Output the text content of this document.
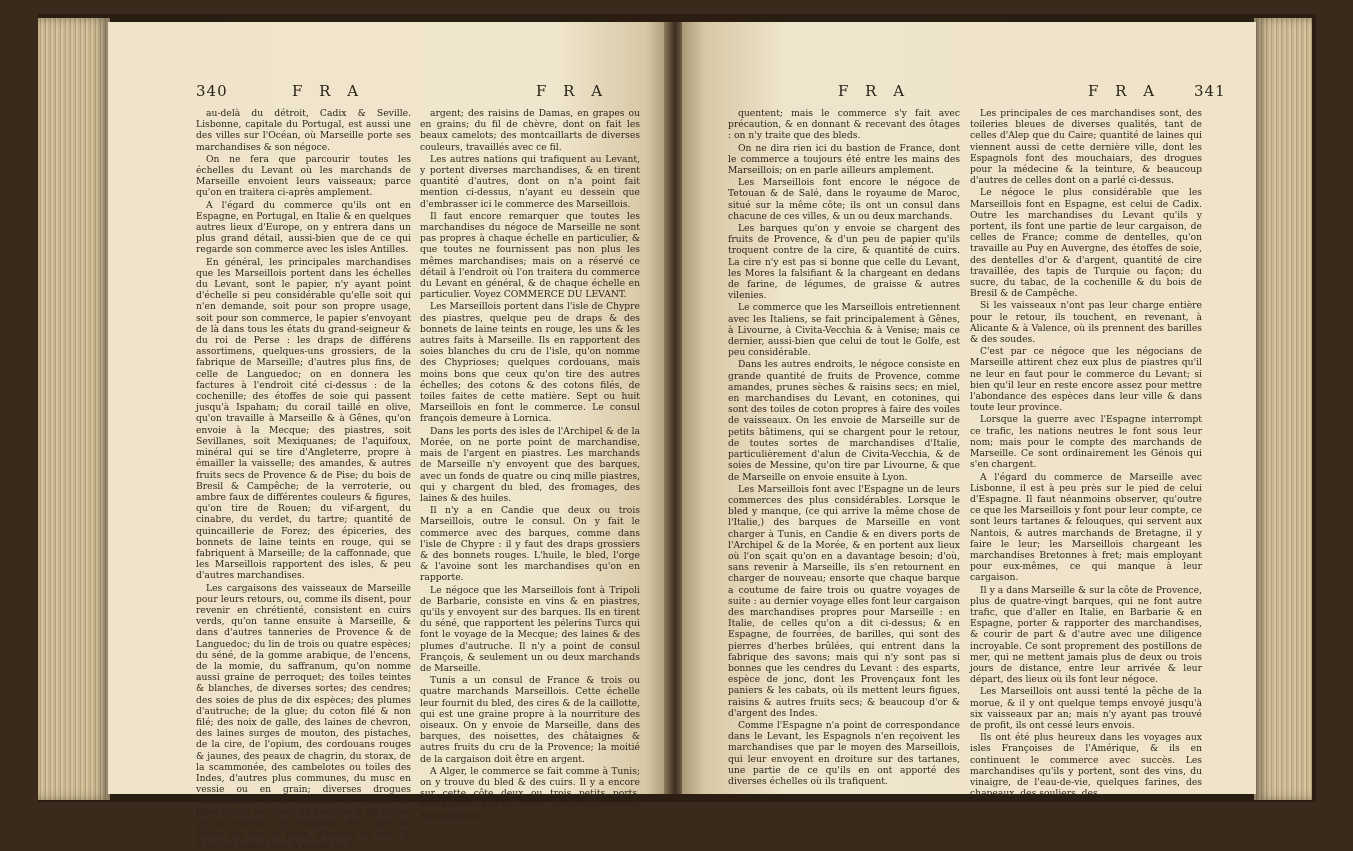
340	F R A	F R A

au-delà du détroit, Cadix & Seville. Lisbonne, capitale du Portugal, est aussi une des villes sur l'Océan, où Marseille porte ses marchandises & son négoce.

On ne fera que parcourir toutes les échelles du Levant où les marchands de Marseille envoient leurs vaisseaux; parce qu'on en traitera ci-après amplement.

A l'égard du commerce qu'ils ont en Espagne, en Portugal, en Italie & en quelques autres lieux d'Europe, on y entrera dans un plus grand détail, aussi-bien que de ce qui regarde son commerce avec les isles Antilles.

En général, les principales marchandises que les Marseillois portent dans les échelles du Levant, sont le papier, n'y ayant point d'échelle si peu considérable qu'elle soit qui n'en demande, soit pour son propre usage, soit pour son commerce, le papier s'envoyant de là dans tous les états du grand-seigneur & du roi de Perse : les draps de différens assortimens, quelques-uns grossiers, de la fabrique de Marseille; d'autres plus fins, de celle de Languedoc; on en donnera les factures à l'endroit cité ci-dessus : de la cochenille; des étoffes de soie qui passent jusqu'à Ispaham; du corail taillé en olive, qu'on travaille à Marseille & à Gênes, qu'on envoie à la Mecque; des piastres, soit Sevillanes, soit Mexiquanes; de l'aquifoux, minéral qui se tire d'Angleterre, propre à émailler la vaisselle; des amandes, & autres fruits secs de Provence & de Pise; du bois de Bresil & Campêche; de la verroterie, ou ambre faux de différentes couleurs & figures, qu'on tire de Rouen; du vif-argent, du cinabre, du verdet, du tartre; quantité de quincaillerie de Forez; des épiceries, des bonnets de laine teints en rouge, qui se fabriquent à Marseille; de la caffonnade, que les Marseillois rapportent des isles, & peu d'autres marchandises.

Les cargaisons des vaisseaux de Marseille pour leurs retours, ou, comme ils disent, pour revenir en chrétienté, consistent en cuirs verds, qu'on tanne ensuite à Marseille, & dans d'autres tanneries de Provence & de Languedoc; du lin de trois ou quatre espèces; du séné, de la gomme arabique, de l'encens, de la momie, du saffranum, qu'on nomme aussi graine de perroquet; des toiles teintes & blanches, de diverses sortes; des cendres; des soies de plus de dix espèces; des plumes d'autruche; de la glue; du coton filé & non filé; des noix de galle, des laines de chevron, des laines surges de mouton, des pistaches, de la cire, de l'opium, des cordouans rouges & jaunes, des peaux de chagrin, du storax, de la scammonée, des cambelotes ou toiles des Indes, d'autres plus communes, du musc en vessie ou en grain; diverses drogues médécinales; de la semence de perles; du lapis lazuli, qui vient de Tartarie & de Perse; de la rubarbe, de l'esquine; des tapis de Perse; les uns de laine, d'autres de soie, & d'autres moitié soie & moitié or &

argent; des raisins de Damas, en grapes ou en grains; du fil de chèvre, dont on fait les beaux camelots; des montcaillarts de diverses couleurs, travaillés avec ce fil.

Les autres nations qui trafiquent au Levant, y portent diverses marchandises, & en tirent quantité d'autres, dont on n'a point fait mention ci-dessus, n'ayant eu dessein que d'embrasser ici le commerce des Marseillois.

Il faut encore remarquer que toutes les marchandises du négoce de Marseille ne sont pas propres à chaque échelle en particulier, & que toutes ne fournissent pas non plus les mêmes marchandises; mais on a réservé ce détail à l'endroit où l'on traitera du commerce du Levant en général, & de chaque échelle en particulier. Voyez COMMERCE DU LEVANT.

Les Marseillois portent dans l'isle de Chypre des piastres, quelque peu de draps & des bonnets de laine teints en rouge, les uns & les autres faits à Marseille. Ils en rapportent des soies blanches du cru de l'isle, qu'on nomme des Chyprioses; quelques cordouans, mais moins bons que ceux qu'on tire des autres échelles; des cotons & des cotons filés, de toiles faites de cette matière. Sept ou huit Marseillois en font le commerce. Le consul françois demeure à Lornica.

Dans les ports des isles de l'Archipel & de la Morée, on ne porte point de marchandise, mais de l'argent en piastres. Les marchands de Marseille n'y envoyent que des barques, avec un fonds de quatre ou cinq mille piastres, qui y chargent du bled, des fromages, des laines & des huiles.

Il n'y a en Candie que deux ou trois Marseillois, outre le consul. On y fait le commerce avec des barques, comme dans l'isle de Chypre : il y faut des draps grossiers & des bonnets rouges. L'huile, le bled, l'orge & l'avoine sont les marchandises qu'on en rapporte.

Le négoce que les Marseillois font à Tripoli de Barbarie, consiste en vins & en piastres, qu'ils y envoyent sur des barques. Ils en tirent du séné, que rapportent les pélerins Turcs qui font le voyage de la Mecque; des laines & des plumes d'autruche. Il n'y a point de consul François, & seulement un ou deux marchands de Marseille.

Tunis a un consul de France & trois ou quatre marchands Marseillois. Cette échelle leur fournit du bled, des cires & de la caillotte, qui est une graine propre à la nourriture des oiseaux. On y envoie de Marseille, dans des barques, des noisettes, des châtaignes & autres fruits du cru de la Provence; la moitié de la cargaison doit être en argent.

A Alger, le commerce se fait comme à Tunis; on y trouve du bled & des cuirs. Il y a encore sur cette côte deux ou trois petits ports, entr'autres Collo & Tourou, que les barques de Marseille fré-

F R A	F R A 341

quentent; mais le commerce s'y fait avec précaution, & en donnant & recevant des ôtages : on n'y traite que des bleds.

On ne dira rien ici du bastion de France, dont le commerce a toujours été entre les mains des Marseillois; on en parle ailleurs amplement.

Les Marseillois font encore le négoce de Tetouan & de Salé, dans le royaume de Maroc, situé sur la même côte; ils ont un consul dans chacune de ces villes, & un ou deux marchands.

Les barques qu'on y envoie se chargent des fruits de Provence, & d'un peu de papier qu'ils troquent contre de la cire, & quantité de cuirs. La cire n'y est pas si bonne que celle du Levant, les Mores la falsifiant & la chargeant en dedans de farine, de légumes, de graisse & autres vilenies.

Le commerce que les Marseillois entretiennent avec les Italiens, se fait principalement à Gênes, à Livourne, à Civita-Vecchia & à Venise; mais ce dernier, aussi-bien que celui de tout le Golfe, est peu considérable.

Dans les autres endroits, le négoce consiste en grande quantité de fruits de Provence, comme amandes, prunes sèches & raisins secs; en miel, en marchandises du Levant, en cotonines, qui sont des toiles de coton propres à faire des voiles de vaisseaux. On les envoie de Marseille sur de petits bâtimens, qui se chargent pour le retour, de toutes sortes de marchandises d'Italie, particulièrement d'alun de Civita-Vecchia, & de soies de Messine, qu'on tire par Livourne, & que de Marseille on envoie ensuite à Lyon.

Les Marseillois font avec l'Espagne un de leurs commerces des plus considérables. Lorsque le bled y manque, (ce qui arrive la même chose de l'Italie,) des barques de Marseille en vont charger à Tunis, en Candie & en divers ports de l'Archipel & de la Morée, & en portent aux lieux où l'on sçait qu'on en a davantage besoin; d'où, sans revenir à Marseille, ils s'en retournent en charger de nouveau; ensorte que chaque barque a coutume de faire trois ou quatre voyages de suite : au dernier voyage elles font leur cargaison des marchandises propres pour Marseille : en Italie, de celles qu'on a dit ci-dessus; & en Espagne, de fourrées, de barilles, qui sont des pierres d'herbes brûlées, qui entrent dans la fabrique des savons; mais qui n'y sont pas si bonnes que les cendres du Levant : des esparts, espèce de jonc, dont les Provençaux font les paniers & les cabats, où ils mettent leurs figues, raisins & autres fruits secs; & beaucoup d'or & d'argent des Indes.

Comme l'Espagne n'a point de correspondance dans le Levant, les Espagnols n'en reçoivent les marchandises que par le moyen des Marseillois, qui leur envoyent en droiture sur des tartanes, une partie de ce qu'ils en ont apporté des diverses échelles où ils trafiquent.

Les principales de ces marchandises sont, des toileries bleues de diverses qualités, tant de celles d'Alep que du Caire; quantité de laines qui viennent aussi de cette dernière ville, dont les Espagnols font des mouchaiars, des drogues pour la médecine & la teinture, & beaucoup d'autres de celles dont on a parlé ci-dessus.

Le négoce le plus considérable que les Marseillois font en Espagne, est celui de Cadix. Outre les marchandises du Levant qu'ils y portent, ils font une partie de leur cargaison, de celles de France; comme de dentelles, qu'on travaille au Puy en Auvergne, des étoffes de soie, des dentelles d'or & d'argent, quantité de cire travaillée, des tapis de Turquie ou façon; du sucre, du tabac, de la cochenille & du bois de Bresil & de Campêche.

Si les vaisseaux n'ont pas leur charge entière pour le retour, ils touchent, en revenant, à Alicante & à Valence, où ils prennent des barilles & des soudes.

C'est par ce négoce que les négocians de Marseille attirent chez eux plus de piastres qu'il ne leur en faut pour le commerce du Levant; si bien qu'il leur en reste encore assez pour mettre l'abondance des espèces dans leur ville & dans toute leur province.

Lorsque la guerre avec l'Espagne interrompt ce trafic, les nations neutres le font sous leur nom; mais pour le compte des marchands de Marseille. Ce sont ordinairement les Génois qui s'en chargent.

A l'égard du commerce de Marseille avec Lisbonne, il est à peu près sur le pied de celui d'Espagne. Il faut néanmoins observer, qu'outre ce que les Marseillois y font pour leur compte, ce sont leurs tartanes & felouques, qui servent aux Nantois, & autres marchands de Bretagne, il y faire le leur; les Marseillois chargeant les marchandises Bretonnes à fret; mais employant pour eux-mêmes, ce qui manque à leur cargaison.

Il y a dans Marseille & sur la côte de Provence, plus de quatre-vingt barques, qui ne font autre trafic, que d'aller en Italie, en Barbarie & en Espagne, porter & rapporter des marchandises, & courir de part & d'autre avec une diligence incroyable. Ce sont proprement des postillons de mer, qui ne mettent jamais plus de deux ou trois jours de distance, entre leur arrivée & leur départ, des lieux où ils font leur négoce.

Les Marseillois ont aussi tenté la pêche de la morue, & il y ont quelque temps envoyé jusqu'à six vaisseaux par an; mais n'y ayant pas trouvé de profit, ils ont cessé leurs envois.

Ils ont été plus heureux dans les voyages aux isles Françoises de l'Amérique, & ils en continuent le commerce avec succès. Les marchandises qu'ils y portent, sont des vins, du vinaigre, de l'eau-de-vie, quelques farines, des chapeaux, des souliers, des
